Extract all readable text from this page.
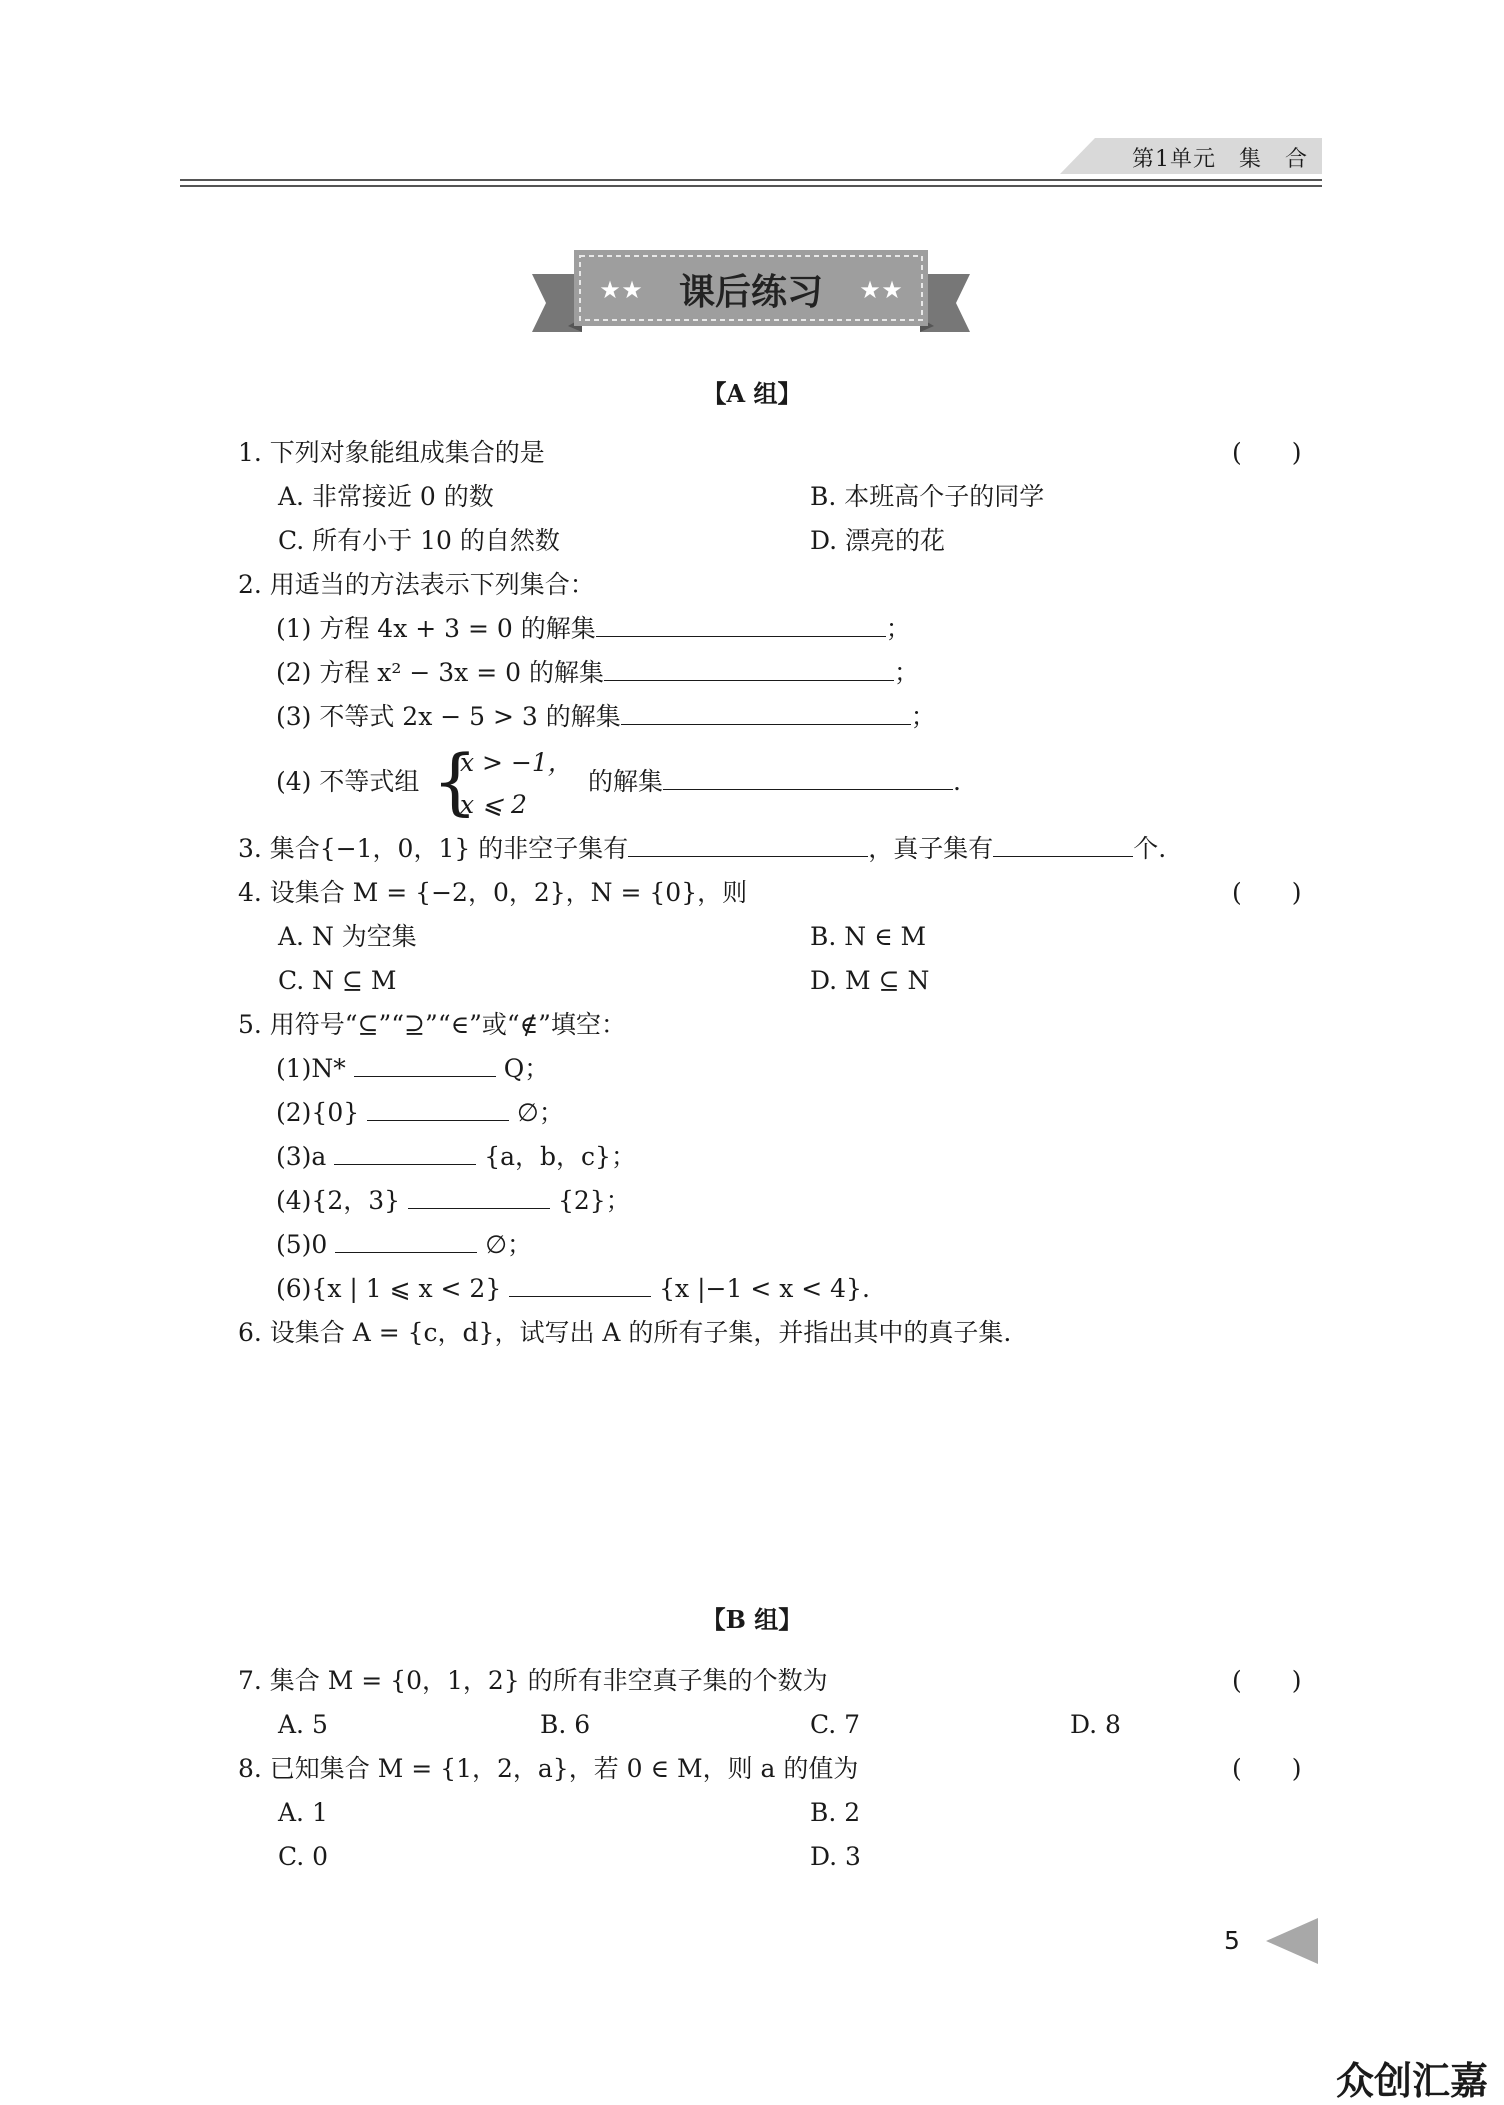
第1单元　集　合
★ ★	★ ★
课后练习
【A 组】
1. 下列对象能组成集合的是	(　　)
A. 非常接近 0 的数	B. 本班高个子的同学
C. 所有小于 10 的自然数	D. 漂亮的花
2. 用适当的方法表示下列集合：
(1) 方程 4x + 3 = 0 的解集	；
(2) 方程 x² − 3x = 0 的解集	；
(3) 不等式 2x − 5 > 3 的解集	；
(4) 不等式组 {
x > −1，
x ⩽ 2
的解集	.
3. 集合{−1，0，1} 的非空子集有	，真子集有	个.
4. 设集合 M = {−2，0，2}，N = {0}，则	(　　)
A. N 为空集	B. N ∈ M
C. N ⊆ M	D. M ⊆ N
5. 用符号“⊆”“⊇”“∈”或“∉”填空：
(1)N*	Q；
(2){0}	∅；
(3)a	{a，b，c}；
(4){2，3}	{2}；
(5)0	∅；
(6){x | 1 ⩽ x < 2}	{x |−1 < x < 4}.
6. 设集合 A = {c，d}，试写出 A 的所有子集，并指出其中的真子集.
【B 组】
7. 集合 M = {0，1，2} 的所有非空真子集的个数为	(　　)
A. 5	B. 6	C. 7	D. 8
8. 已知集合 M = {1，2，a}，若 0 ∈ M，则 a 的值为	(　　)
A. 1	B. 2
C. 0	D. 3
5
众创汇嘉
